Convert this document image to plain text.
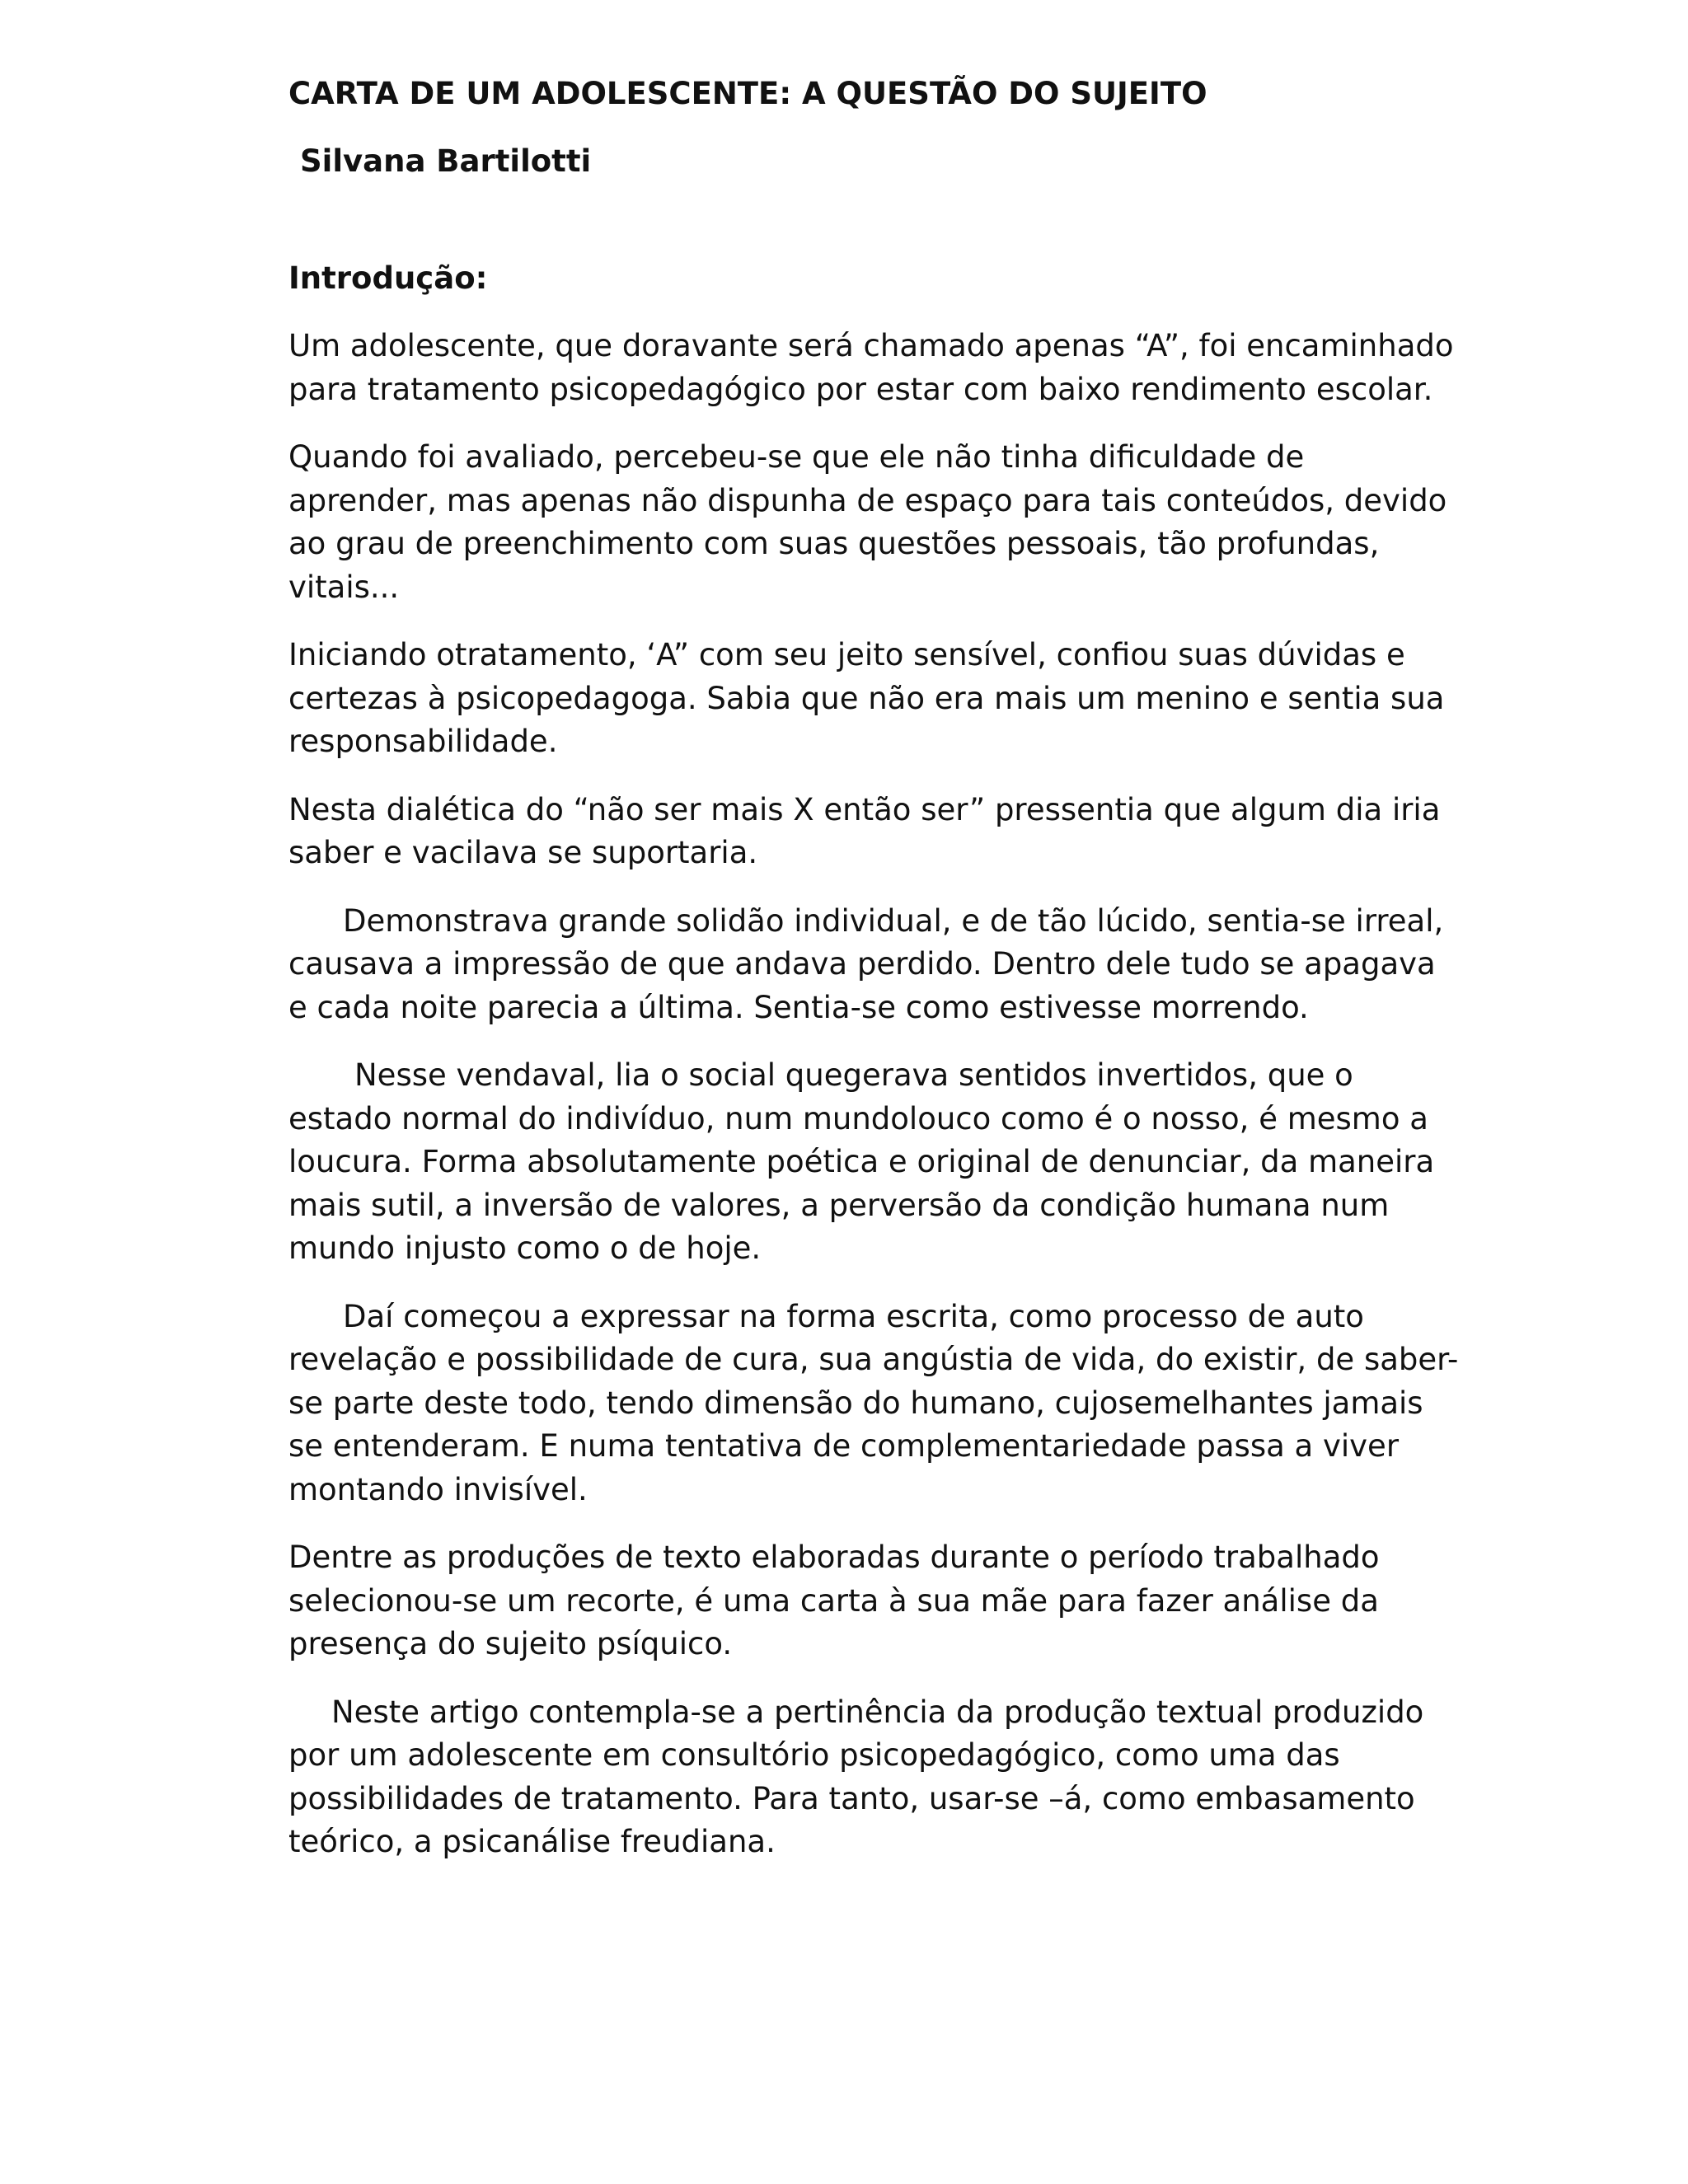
CARTA DE UM ADOLESCENTE: A QUESTÃO DO SUJEITO
Silvana Bartilotti
Introdução:

Um adolescente, que doravante será chamado apenas “A”, foi encaminhado para tratamento psicopedagógico por estar com baixo rendimento escolar.

Quando foi avaliado, percebeu-se que ele não tinha dificuldade de aprender, mas apenas não dispunha de espaço para tais conteúdos, devido ao grau de preenchimento com suas questões pessoais, tão profundas, vitais...

Iniciando otratamento, ‘A” com seu jeito sensível, confiou suas dúvidas e certezas à psicopedagoga. Sabia que não era mais um menino e sentia sua responsabilidade.

Nesta dialética do “não ser mais X então ser” pressentia que algum dia iria saber e vacilava se suportaria.

Demonstrava grande solidão individual, e de tão lúcido, sentia-se irreal, causava a impressão de que andava perdido. Dentro dele tudo se apagava e cada noite parecia a última. Sentia-se como estivesse morrendo.

Nesse vendaval, lia o social quegerava sentidos invertidos, que o estado normal do indivíduo, num mundolouco como é o nosso, é mesmo a loucura. Forma absolutamente poética e original de denunciar, da maneira mais sutil, a inversão de valores, a perversão da condição humana num mundo injusto como o de hoje.

Daí começou a expressar na forma escrita, como processo de auto revelação e possibilidade de cura, sua angústia de vida, do existir, de saber-se parte deste todo, tendo dimensão do humano, cujosemelhantes jamais se entenderam. E numa tentativa de complementariedade passa a viver montando invisível.

Dentre as produções de texto elaboradas durante o período trabalhado selecionou-se um recorte, é uma carta à sua mãe para fazer análise da presença do sujeito psíquico.

Neste artigo contempla-se a pertinência da produção textual produzido por um adolescente em consultório psicopedagógico, como uma das possibilidades de tratamento. Para tanto, usar-se –á, como embasamento teórico, a psicanálise freudiana.
